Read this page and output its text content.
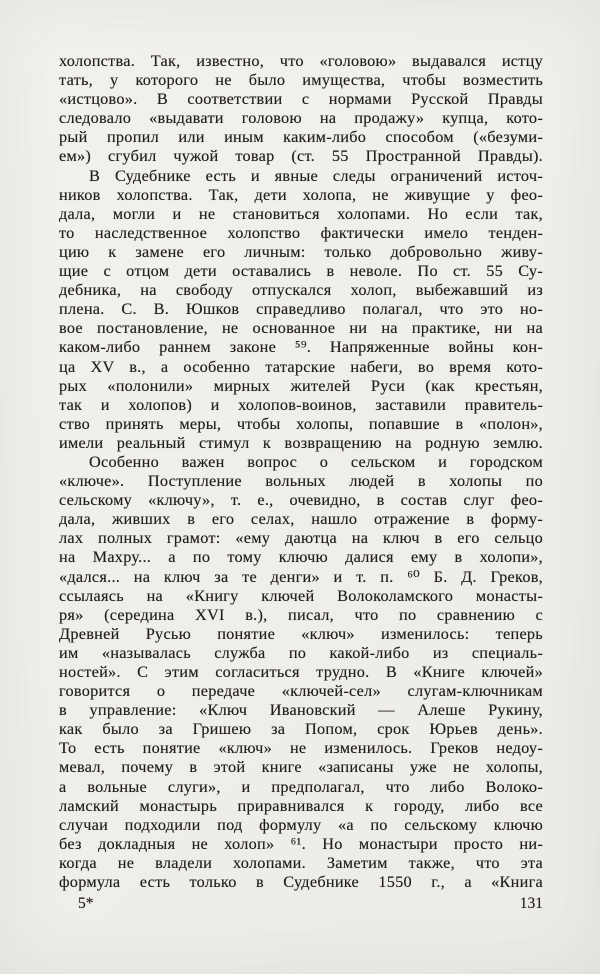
холопства. Так, известно, что «головою» выдавался истцу
тать, у которого не было имущества, чтобы возместить
«истцово». В соответствии с нормами Русской Правды
следовало «выдавати головою на продажу» купца, кото-
рый пропил или иным каким-либо способом («безуми-
ем») сгубил чужой товар (ст. 55 Пространной Правды).
В Судебнике есть и явные следы ограничений источ-
ников холопства. Так, дети холопа, не живущие у фео-
дала, могли и не становиться холопами. Но если так,
то наследственное холопство фактически имело тенден-
цию к замене его личным: только добровольно живу-
щие с отцом дети оставались в неволе. По ст. 55 Су-
дебника, на свободу отпускался холоп, выбежавший из
плена. С. В. Юшков справедливо полагал, что это но-
вое постановление, не основанное ни на практике, ни на
каком-либо раннем законе ⁵⁹. Напряженные войны кон-
ца XV в., а особенно татарские набеги, во время кото-
рых «полонили» мирных жителей Руси (как крестьян,
так и холопов) и холопов-воинов, заставили правитель-
ство принять меры, чтобы холопы, попавшие в «полон»,
имели реальный стимул к возвращению на родную землю.
Особенно важен вопрос о сельском и городском
«ключе». Поступление вольных людей в холопы по
сельскому «ключу», т. е., очевидно, в состав слуг фео-
дала, живших в его селах, нашло отражение в форму-
лах полных грамот: «ему даютца на ключ в его сельцо
на Махру... а по тому ключю далися ему в холопи»,
«дался... на ключ за те денги» и т. п. ⁶⁰ Б. Д. Греков,
ссылаясь на «Книгу ключей Волоколамского монасты-
ря» (середина XVI в.), писал, что по сравнению с
Древней Русью понятие «ключ» изменилось: теперь
им «называлась служба по какой-либо из специаль-
ностей». С этим согласиться трудно. В «Книге ключей»
говорится о передаче «ключей-сел» слугам-ключникам
в управление: «Ключ Ивановский — Алеше Рукину,
как было за Гришею за Попом, срок Юрьев день».
То есть понятие «ключ» не изменилось. Греков недоу-
мевал, почему в этой книге «записаны уже не холопы,
а вольные слуги», и предполагал, что либо Волоко-
ламский монастырь приравнивался к городу, либо все
случаи подходили под формулу «а по сельскому ключю
без докладныя не холоп» ⁶¹. Но монастыри просто ни-
когда не владели холопами. Заметим также, что эта
формула есть только в Судебнике 1550 г., а «Книга
5*	131
